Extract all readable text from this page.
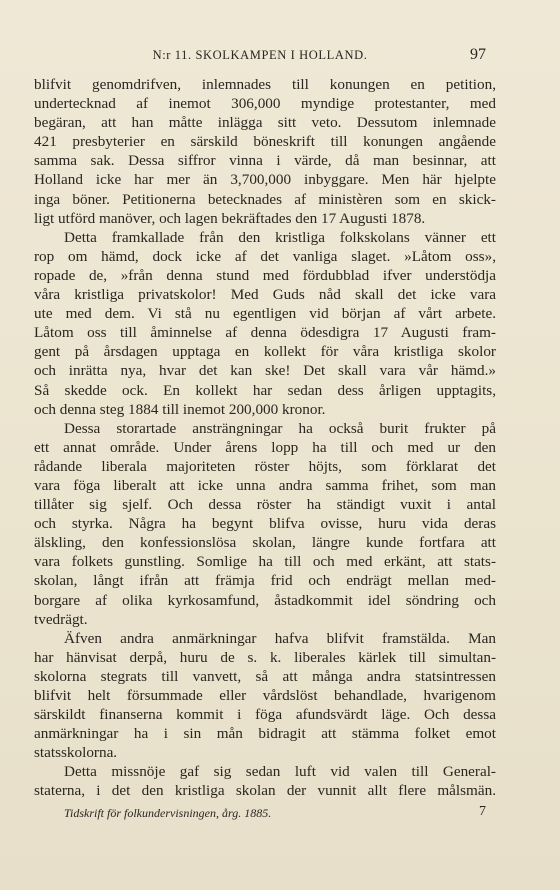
N:r 11. SKOLKAMPEN I HOLLAND.	97
blifvit genomdrifven, inlemnades till konungen en petition,
undertecknad af inemot 306,000 myndige protestanter, med
begäran, att han måtte inlägga sitt veto. Dessutom inlemnade
421 presbyterier en särskild böneskrift till konungen angående
samma sak. Dessa siffror vinna i värde, då man besinnar, att
Holland icke har mer än 3,700,000 inbyggare. Men här hjelpte
inga böner. Petitionerna betecknades af ministèren som en skick-
ligt utförd manöver, och lagen bekräftades den 17 Augusti 1878.
Detta framkallade från den kristliga folkskolans vänner ett
rop om hämd, dock icke af det vanliga slaget. »Låtom oss»,
ropade de, »från denna stund med fördubblad ifver understödja
våra kristliga privatskolor! Med Guds nåd skall det icke vara
ute med dem. Vi stå nu egentligen vid början af vårt arbete.
Låtom oss till åminnelse af denna ödesdigra 17 Augusti fram-
gent på årsdagen upptaga en kollekt för våra kristliga skolor
och inrätta nya, hvar det kan ske! Det skall vara vår hämd.»
Så skedde ock. En kollekt har sedan dess årligen upptagits,
och denna steg 1884 till inemot 200,000 kronor.
Dessa storartade ansträngningar ha också burit frukter på
ett annat område. Under årens lopp ha till och med ur den
rådande liberala majoriteten röster höjts, som förklarat det
vara föga liberalt att icke unna andra samma frihet, som man
tillåter sig sjelf. Och dessa röster ha ständigt vuxit i antal
och styrka. Några ha begynt blifva ovisse, huru vida deras
älskling, den konfessionslösa skolan, längre kunde fortfara att
vara folkets gunstling. Somlige ha till och med erkänt, att stats-
skolan, långt ifrån att främja frid och endrägt mellan med-
borgare af olika kyrkosamfund, åstadkommit idel söndring och
tvedrägt.
Äfven andra anmärkningar hafva blifvit framstälda. Man
har hänvisat derpå, huru de s. k. liberales kärlek till simultan-
skolorna stegrats till vanvett, så att många andra statsintressen
blifvit helt försummade eller vårdslöst behandlade, hvarigenom
särskildt finanserna kommit i föga afundsvärdt läge. Och dessa
anmärkningar ha i sin mån bidragit att stämma folket emot
statsskolorna.
Detta missnöje gaf sig sedan luft vid valen till General-
staterna, i det den kristliga skolan der vunnit allt flere målsmän.
Tidskrift för folkundervisningen, årg. 1885.	7
